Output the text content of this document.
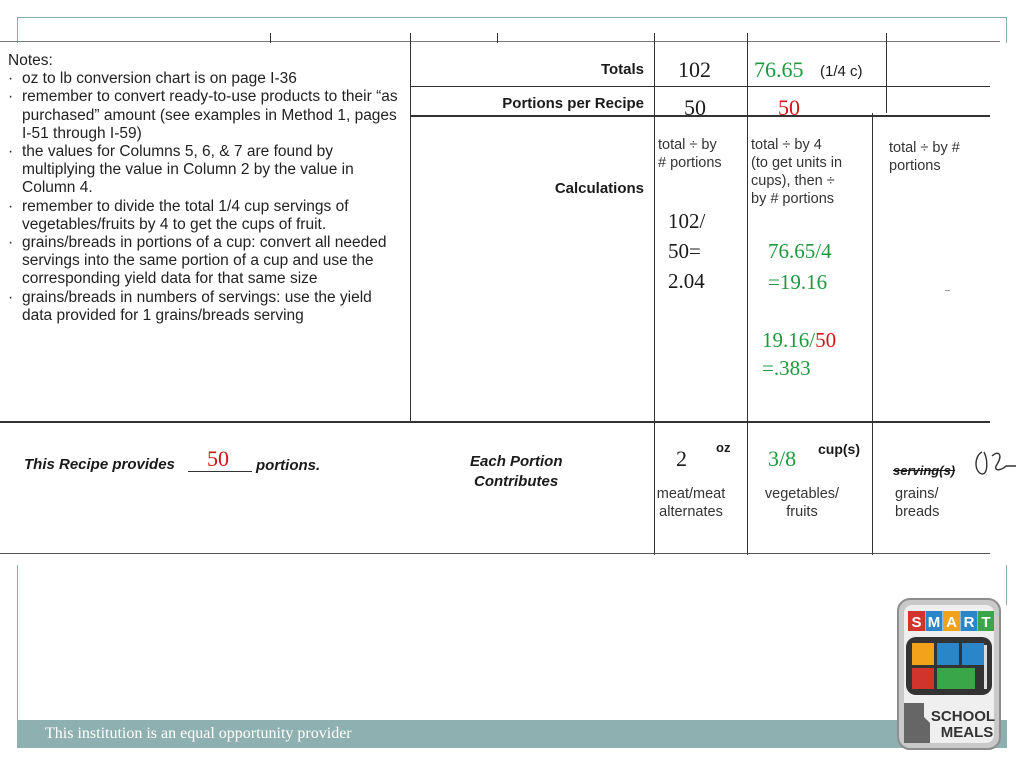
Notes:
· oz to lb conversion chart is on page I-36
· remember to convert ready-to-use products to their “as purchased” amount (see examples in Method 1, pages I-51 through I-59)
· the values for Columns 5, 6, & 7 are found by multiplying the value in Column 2 by the value in Column 4.
· remember to divide the total 1/4 cup servings of vegetables/fruits by 4 to get the cups of fruit.
· grains/breads in portions of a cup: convert all needed servings into the same portion of a cup and use the corresponding yield data for that same size
· grains/breads in numbers of servings: use the yield data provided for 1 grains/breads serving
Totals 102 76.65 (1/4 c)
Portions per Recipe 50	50
Calculations
total ÷ by
# portions
total ÷ by 4
(to get units in
cups), then ÷
by # portions
total ÷ by #
portions
102/
50=
2.04
76.65/4
=19.16
19.16/50
=.383
This Recipe provides 50 portions.	Each Portion
Contributes
2 oz
meat/meat
alternates
3/8 cup(s)
vegetables/
fruits
serving(s)
grains/
breads
This institution is an equal opportunity provider
S M A R T
SCHOOL
MEALS
